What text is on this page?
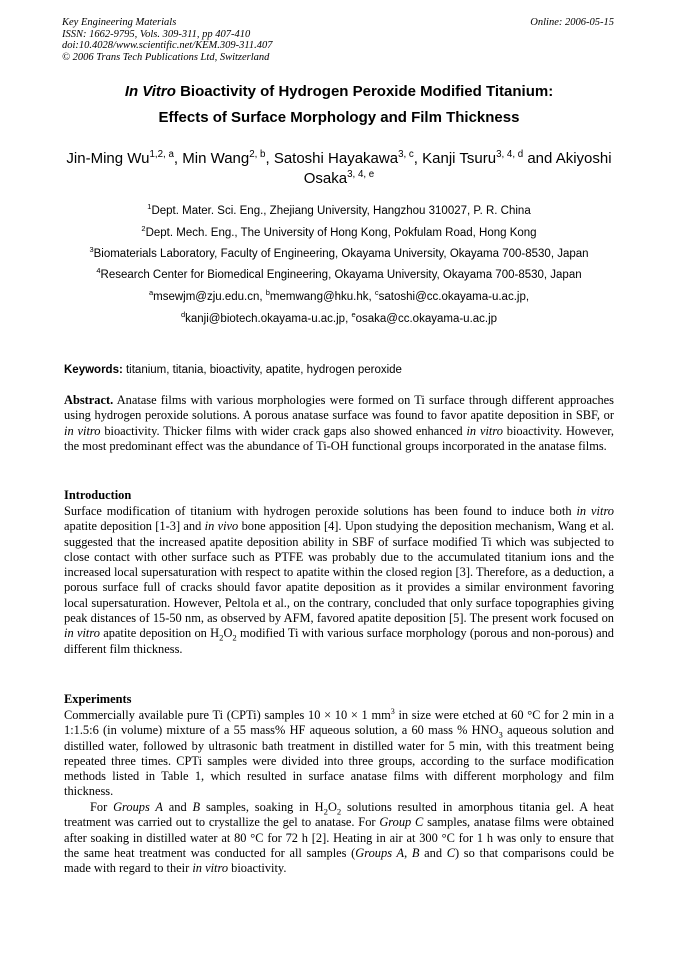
Key Engineering Materials
ISSN: 1662-9795, Vols. 309-311, pp 407-410
doi:10.4028/www.scientific.net/KEM.309-311.407
© 2006 Trans Tech Publications Ltd, Switzerland
Online: 2006-05-15
In Vitro Bioactivity of Hydrogen Peroxide Modified Titanium:
Effects of Surface Morphology and Film Thickness
Jin-Ming Wu$^{1,2, a}$, Min Wang$^{2, b}$, Satoshi Hayakawa$^{3, c}$, Kanji Tsuru$^{3, 4, d}$ and Akiyoshi Osaka$^{3, 4, e}$
$^1$Dept. Mater. Sci. Eng., Zhejiang University, Hangzhou 310027, P. R. China
$^2$Dept. Mech. Eng., The University of Hong Kong, Pokfulam Road, Hong Kong
$^3$Biomaterials Laboratory, Faculty of Engineering, Okayama University, Okayama 700-8530, Japan
$^4$Research Center for Biomedical Engineering, Okayama University, Okayama 700-8530, Japan
$^a$msewjm@zju.edu.cn, $^b$memwang@hku.hk, $^c$satoshi@cc.okayama-u.ac.jp,
$^d$kanji@biotech.okayama-u.ac.jp, $^e$osaka@cc.okayama-u.ac.jp
Keywords: titanium, titania, bioactivity, apatite, hydrogen peroxide
Abstract. Anatase films with various morphologies were formed on Ti surface through different approaches using hydrogen peroxide solutions. A porous anatase surface was found to favor apatite deposition in SBF, or in vitro bioactivity. Thicker films with wider crack gaps also showed enhanced in vitro bioactivity. However, the most predominant effect was the abundance of Ti-OH functional groups incorporated in the anatase films.
Introduction
Surface modification of titanium with hydrogen peroxide solutions has been found to induce both in vitro apatite deposition [1-3] and in vivo bone apposition [4]. Upon studying the deposition mechanism, Wang et al. suggested that the increased apatite deposition ability in SBF of surface modified Ti which was subjected to close contact with other surface such as PTFE was probably due to the accumulated titanium ions and the increased local supersaturation with respect to apatite within the closed region [3]. Therefore, as a deduction, a porous surface full of cracks should favor apatite deposition as it provides a similar environment favoring local supersaturation. However, Peltola et al., on the contrary, concluded that only surface topographies giving peak distances of 15-50 nm, as observed by AFM, favored apatite deposition [5]. The present work focused on in vitro apatite deposition on $H_2O_2$ modified Ti with various surface morphology (porous and non-porous) and different film thickness.
Experiments
Commercially available pure Ti (CPTi) samples 10 × 10 × 1 $mm^3$ in size were etched at 60 °C for 2 min in a 1:1.5:6 (in volume) mixture of a 55 mass% HF aqueous solution, a 60 mass % $HNO_3$ aqueous solution and distilled water, followed by ultrasonic bath treatment in distilled water for 5 min, with this treatment being repeated three times. CPTi samples were divided into three groups, according to the surface modification methods listed in Table 1, which resulted in surface anatase films with different morphology and film thickness.
For Groups A and B samples, soaking in $H_2O_2$ solutions resulted in amorphous titania gel. A heat treatment was carried out to crystallize the gel to anatase. For Group C samples, anatase films were obtained after soaking in distilled water at 80 °C for 72 h [2]. Heating in air at 300 °C for 1 h was only to ensure that the same heat treatment was conducted for all samples (Groups A, B and C) so that comparisons could be made with regard to their in vitro bioactivity.
